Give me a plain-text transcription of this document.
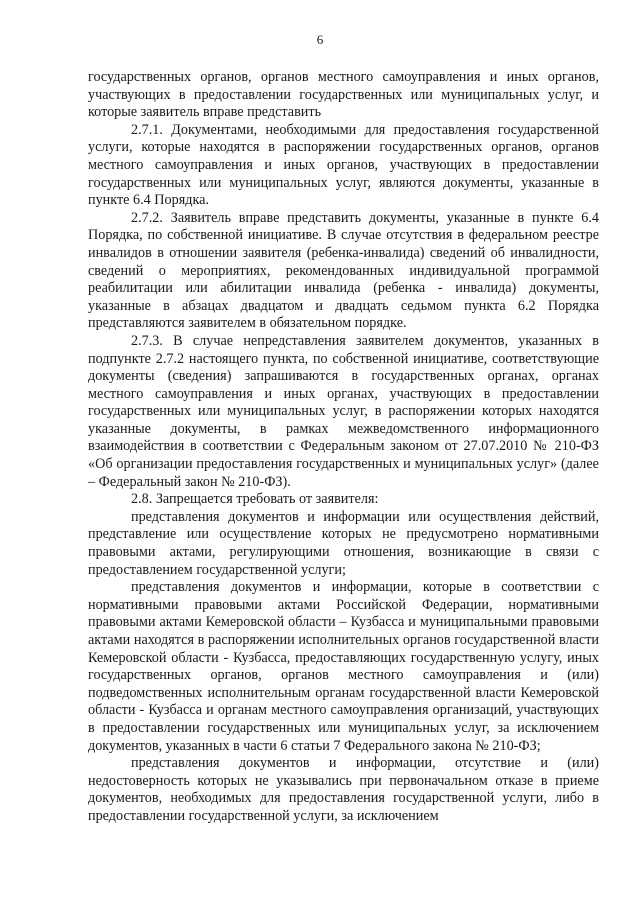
6

государственных органов, органов местного самоуправления и иных органов, участвующих в предоставлении государственных или муниципальных услуг, и которые заявитель вправе представить

2.7.1. Документами, необходимыми для предоставления государственной услуги, которые находятся в распоряжении государственных органов, органов местного самоуправления и иных органов, участвующих в предоставлении государственных или муниципальных услуг, являются документы, указанные в пункте 6.4 Порядка.

2.7.2. Заявитель вправе представить документы, указанные в пункте 6.4 Порядка, по собственной инициативе. В случае отсутствия в федеральном реестре инвалидов в отношении заявителя (ребенка-инвалида) сведений об инвалидности, сведений о мероприятиях, рекомендованных индивидуальной программой реабилитации или абилитации инвалида (ребенка - инвалида) документы, указанные в абзацах двадцатом и двадцать седьмом пункта 6.2 Порядка представляются заявителем в обязательном порядке.

2.7.3. В случае непредставления заявителем документов, указанных в подпункте 2.7.2 настоящего пункта, по собственной инициативе, соответствующие документы (сведения) запрашиваются в государственных органах, органах местного самоуправления и иных органах, участвующих в предоставлении государственных или муниципальных услуг, в распоряжении которых находятся указанные документы, в рамках межведомственного информационного взаимодействия в соответствии с Федеральным законом от 27.07.2010 № 210-ФЗ «Об организации предоставления государственных и муниципальных услуг» (далее – Федеральный закон № 210-ФЗ).

2.8. Запрещается требовать от заявителя:

представления документов и информации или осуществления действий, представление или осуществление которых не предусмотрено нормативными правовыми актами, регулирующими отношения, возникающие в связи с предоставлением государственной услуги;

представления документов и информации, которые в соответствии с нормативными правовыми актами Российской Федерации, нормативными правовыми актами Кемеровской области – Кузбасса и муниципальными правовыми актами находятся в распоряжении исполнительных органов государственной власти Кемеровской области - Кузбасса, предоставляющих государственную услугу, иных государственных органов, органов местного самоуправления и (или) подведомственных исполнительным органам государственной власти Кемеровской области - Кузбасса и органам местного самоуправления организаций, участвующих в предоставлении государственных или муниципальных услуг, за исключением документов, указанных в части 6 статьи 7 Федерального закона № 210-ФЗ;

представления документов и информации, отсутствие и (или) недостоверность которых не указывались при первоначальном отказе в приеме документов, необходимых для предоставления государственной услуги, либо в предоставлении государственной услуги, за исключением
